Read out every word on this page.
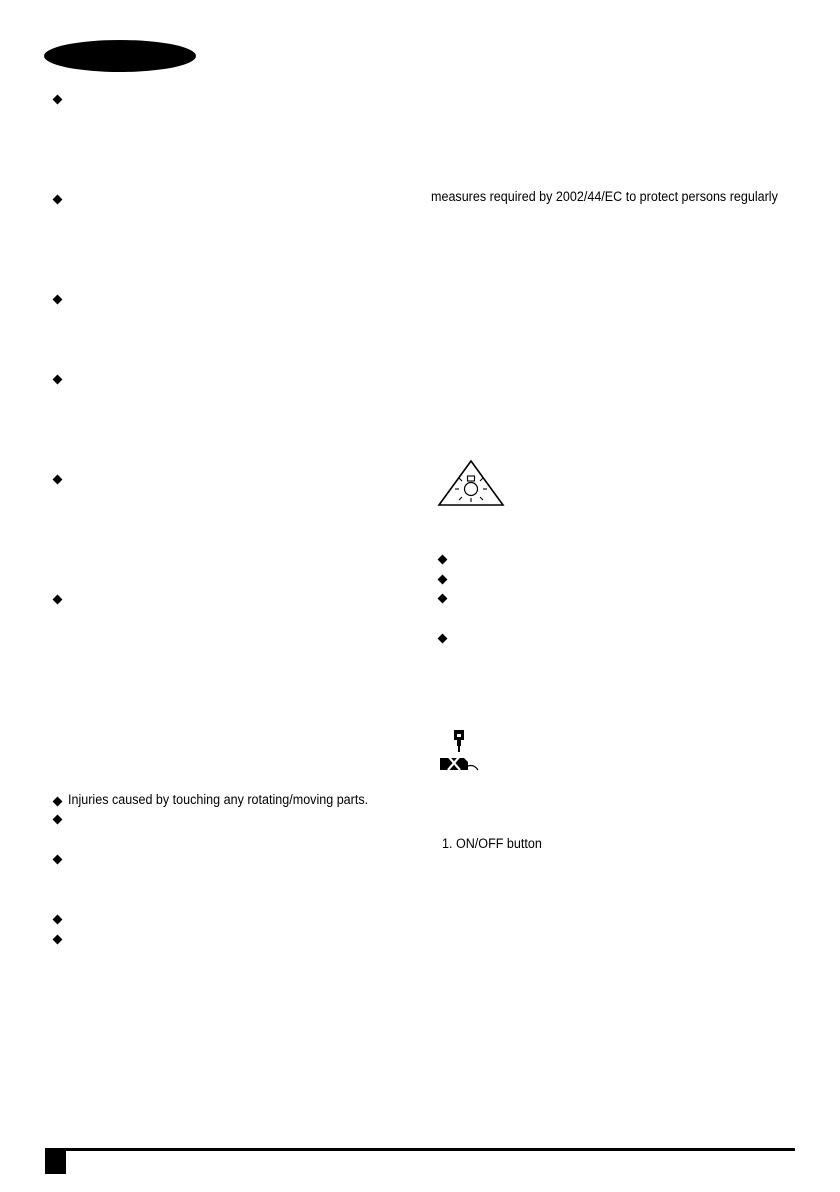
Injuries caused by touching any rotating/moving parts.
measures required by 2002/44/EC to protect persons regularly
1. ON/OFF button
